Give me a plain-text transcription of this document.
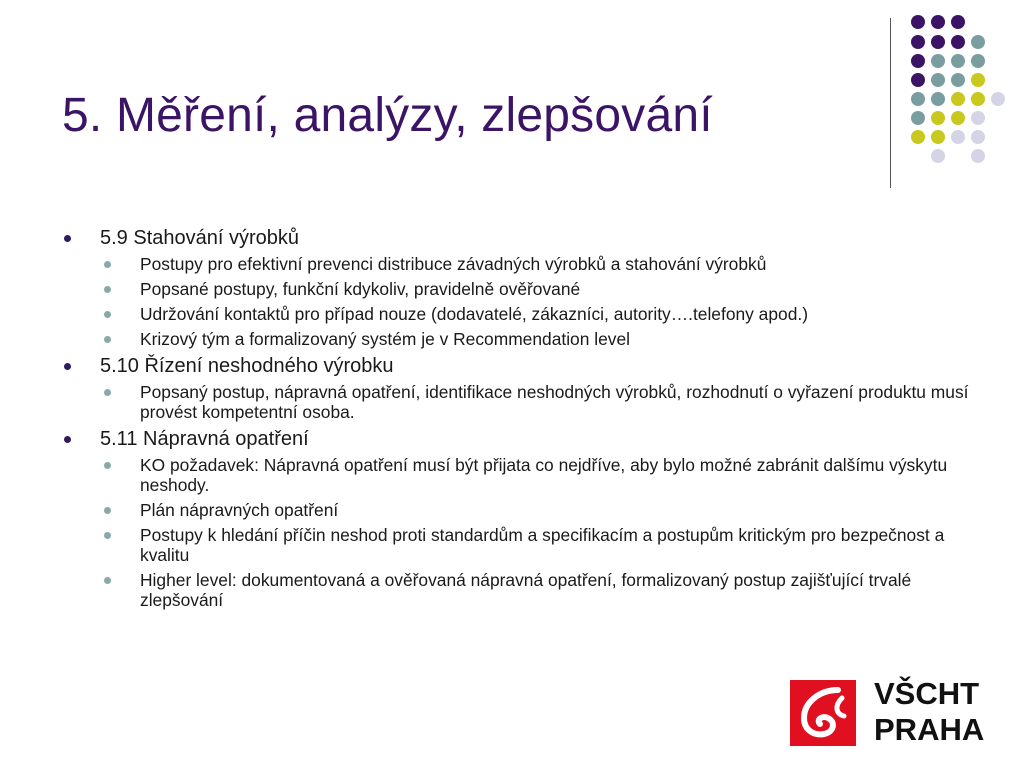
5. Měření, analýzy, zlepšování
5.9 Stahování výrobků
Postupy pro efektivní prevenci distribuce závadných výrobků a stahování výrobků
Popsané postupy, funkční kdykoliv, pravidelně ověřované
Udržování kontaktů pro případ nouze (dodavatelé, zákazníci, autority….telefony apod.)
Krizový tým a formalizovaný systém je v Recommendation level
5.10 Řízení neshodného výrobku
Popsaný postup, nápravná opatření, identifikace neshodných výrobků, rozhodnutí o vyřazení produktu musí provést kompetentní osoba.
5.11 Nápravná opatření
KO požadavek: Nápravná opatření musí být přijata co nejdříve, aby bylo možné zabránit dalšímu výskytu neshody.
Plán nápravných opatření
Postupy k hledání příčin neshod proti standardům a specifikacím a postupům kritickým pro bezpečnost a kvalitu
Higher level: dokumentovaná a ověřovaná nápravná opatření, formalizovaný postup zajišťující trvalé zlepšování
VŠCHT
PRAHA
